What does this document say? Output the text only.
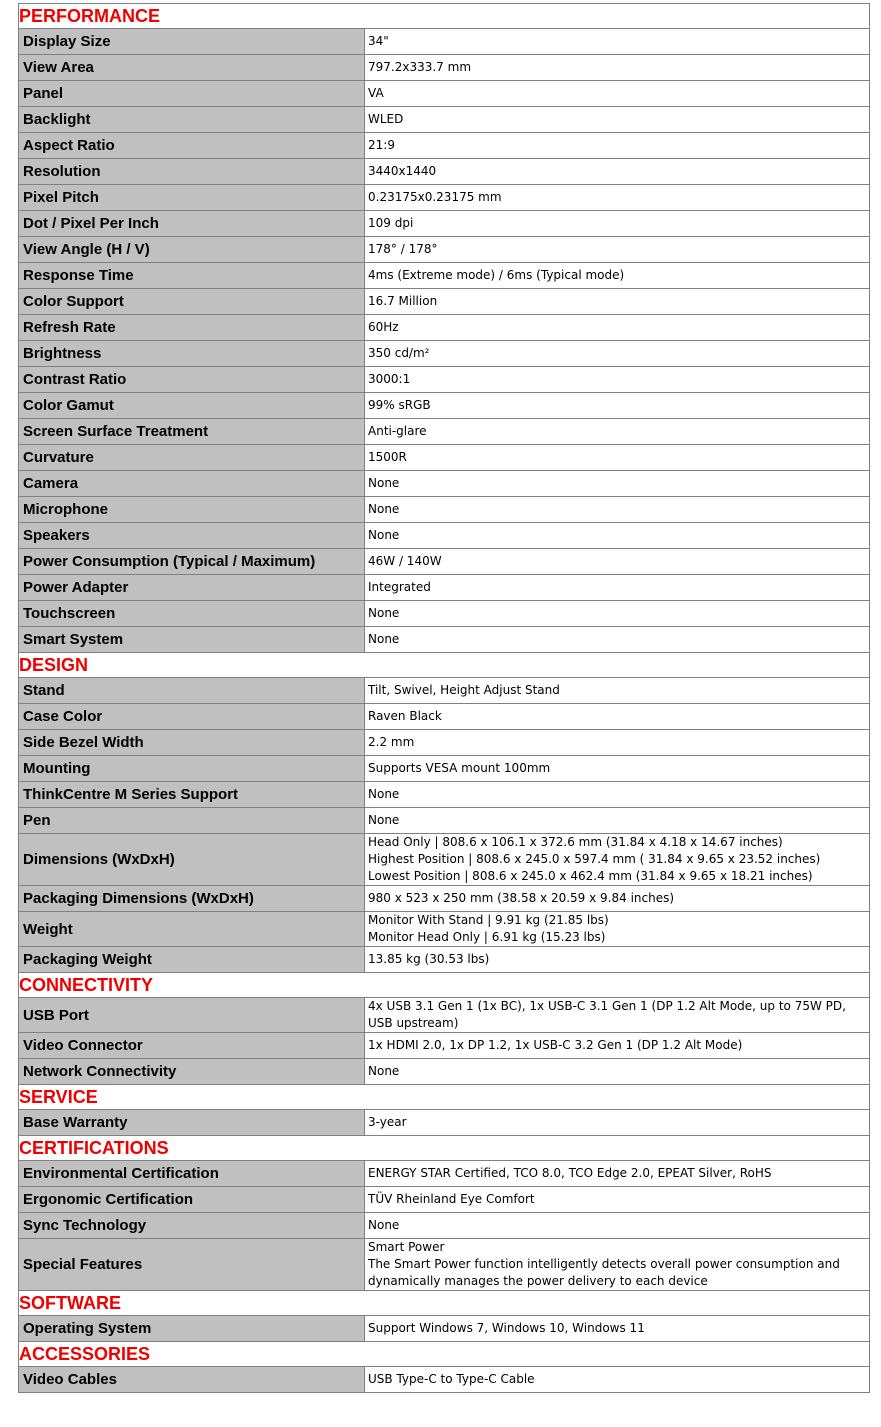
PERFORMANCE	
Display Size	34"

View Area	797.2x333.7 mm

Panel	VA

Backlight	WLED

Aspect Ratio	21:9

Resolution	3440x1440

Pixel Pitch	0.23175x0.23175 mm

Dot / Pixel Per Inch	109 dpi

View Angle (H / V)	178° / 178°

Response Time	4ms (Extreme mode) / 6ms (Typical mode)

Color Support	16.7 Million

Refresh Rate	60Hz

Brightness	350 cd/m²

Contrast Ratio	3000:1

Color Gamut	99% sRGB

Screen Surface Treatment	Anti-glare

Curvature	1500R

Camera	None

Microphone	None

Speakers	None

Power Consumption (Typical / Maximum)	46W / 140W

Power Adapter	Integrated

Touchscreen	None

Smart System	None

DESIGN	
Stand	Tilt, Swivel, Height Adjust Stand

Case Color	Raven Black

Side Bezel Width	2.2 mm

Mounting	Supports VESA mount 100mm

ThinkCentre M Series Support	None

Pen	None

Dimensions (WxDxH)	Head Only | 808.6 x 106.1 x 372.6 mm (31.84 x 4.18 x 14.67 inches)
Highest Position | 808.6 x 245.0 x 597.4 mm ( 31.84 x 9.65 x 23.52 inches)
Lowest Position | 808.6 x 245.0 x 462.4 mm (31.84 x 9.65 x 18.21 inches)

Packaging Dimensions (WxDxH)	980 x 523 x 250 mm (38.58 x 20.59 x 9.84 inches)

Weight	Monitor With Stand | 9.91 kg (21.85 lbs)
Monitor Head Only | 6.91 kg (15.23 lbs)

Packaging Weight	13.85 kg (30.53 lbs)

CONNECTIVITY	
USB Port	4x USB 3.1 Gen 1 (1x BC), 1x USB-C 3.1 Gen 1 (DP 1.2 Alt Mode, up to 75W PD, USB upstream)

Video Connector	1x HDMI 2.0, 1x DP 1.2, 1x USB-C 3.2 Gen 1 (DP 1.2 Alt Mode)

Network Connectivity	None

SERVICE	
Base Warranty	3-year

CERTIFICATIONS	
Environmental Certification	ENERGY STAR Certified, TCO 8.0, TCO Edge 2.0, EPEAT Silver, RoHS

Ergonomic Certification	TÜV Rheinland Eye Comfort

Sync Technology	None

Special Features	Smart Power
The Smart Power function intelligently detects overall power consumption and dynamically manages the power delivery to each device

SOFTWARE	
Operating System	Support Windows 7, Windows 10, Windows 11

ACCESSORIES	
Video Cables	USB Type-C to Type-C Cable
